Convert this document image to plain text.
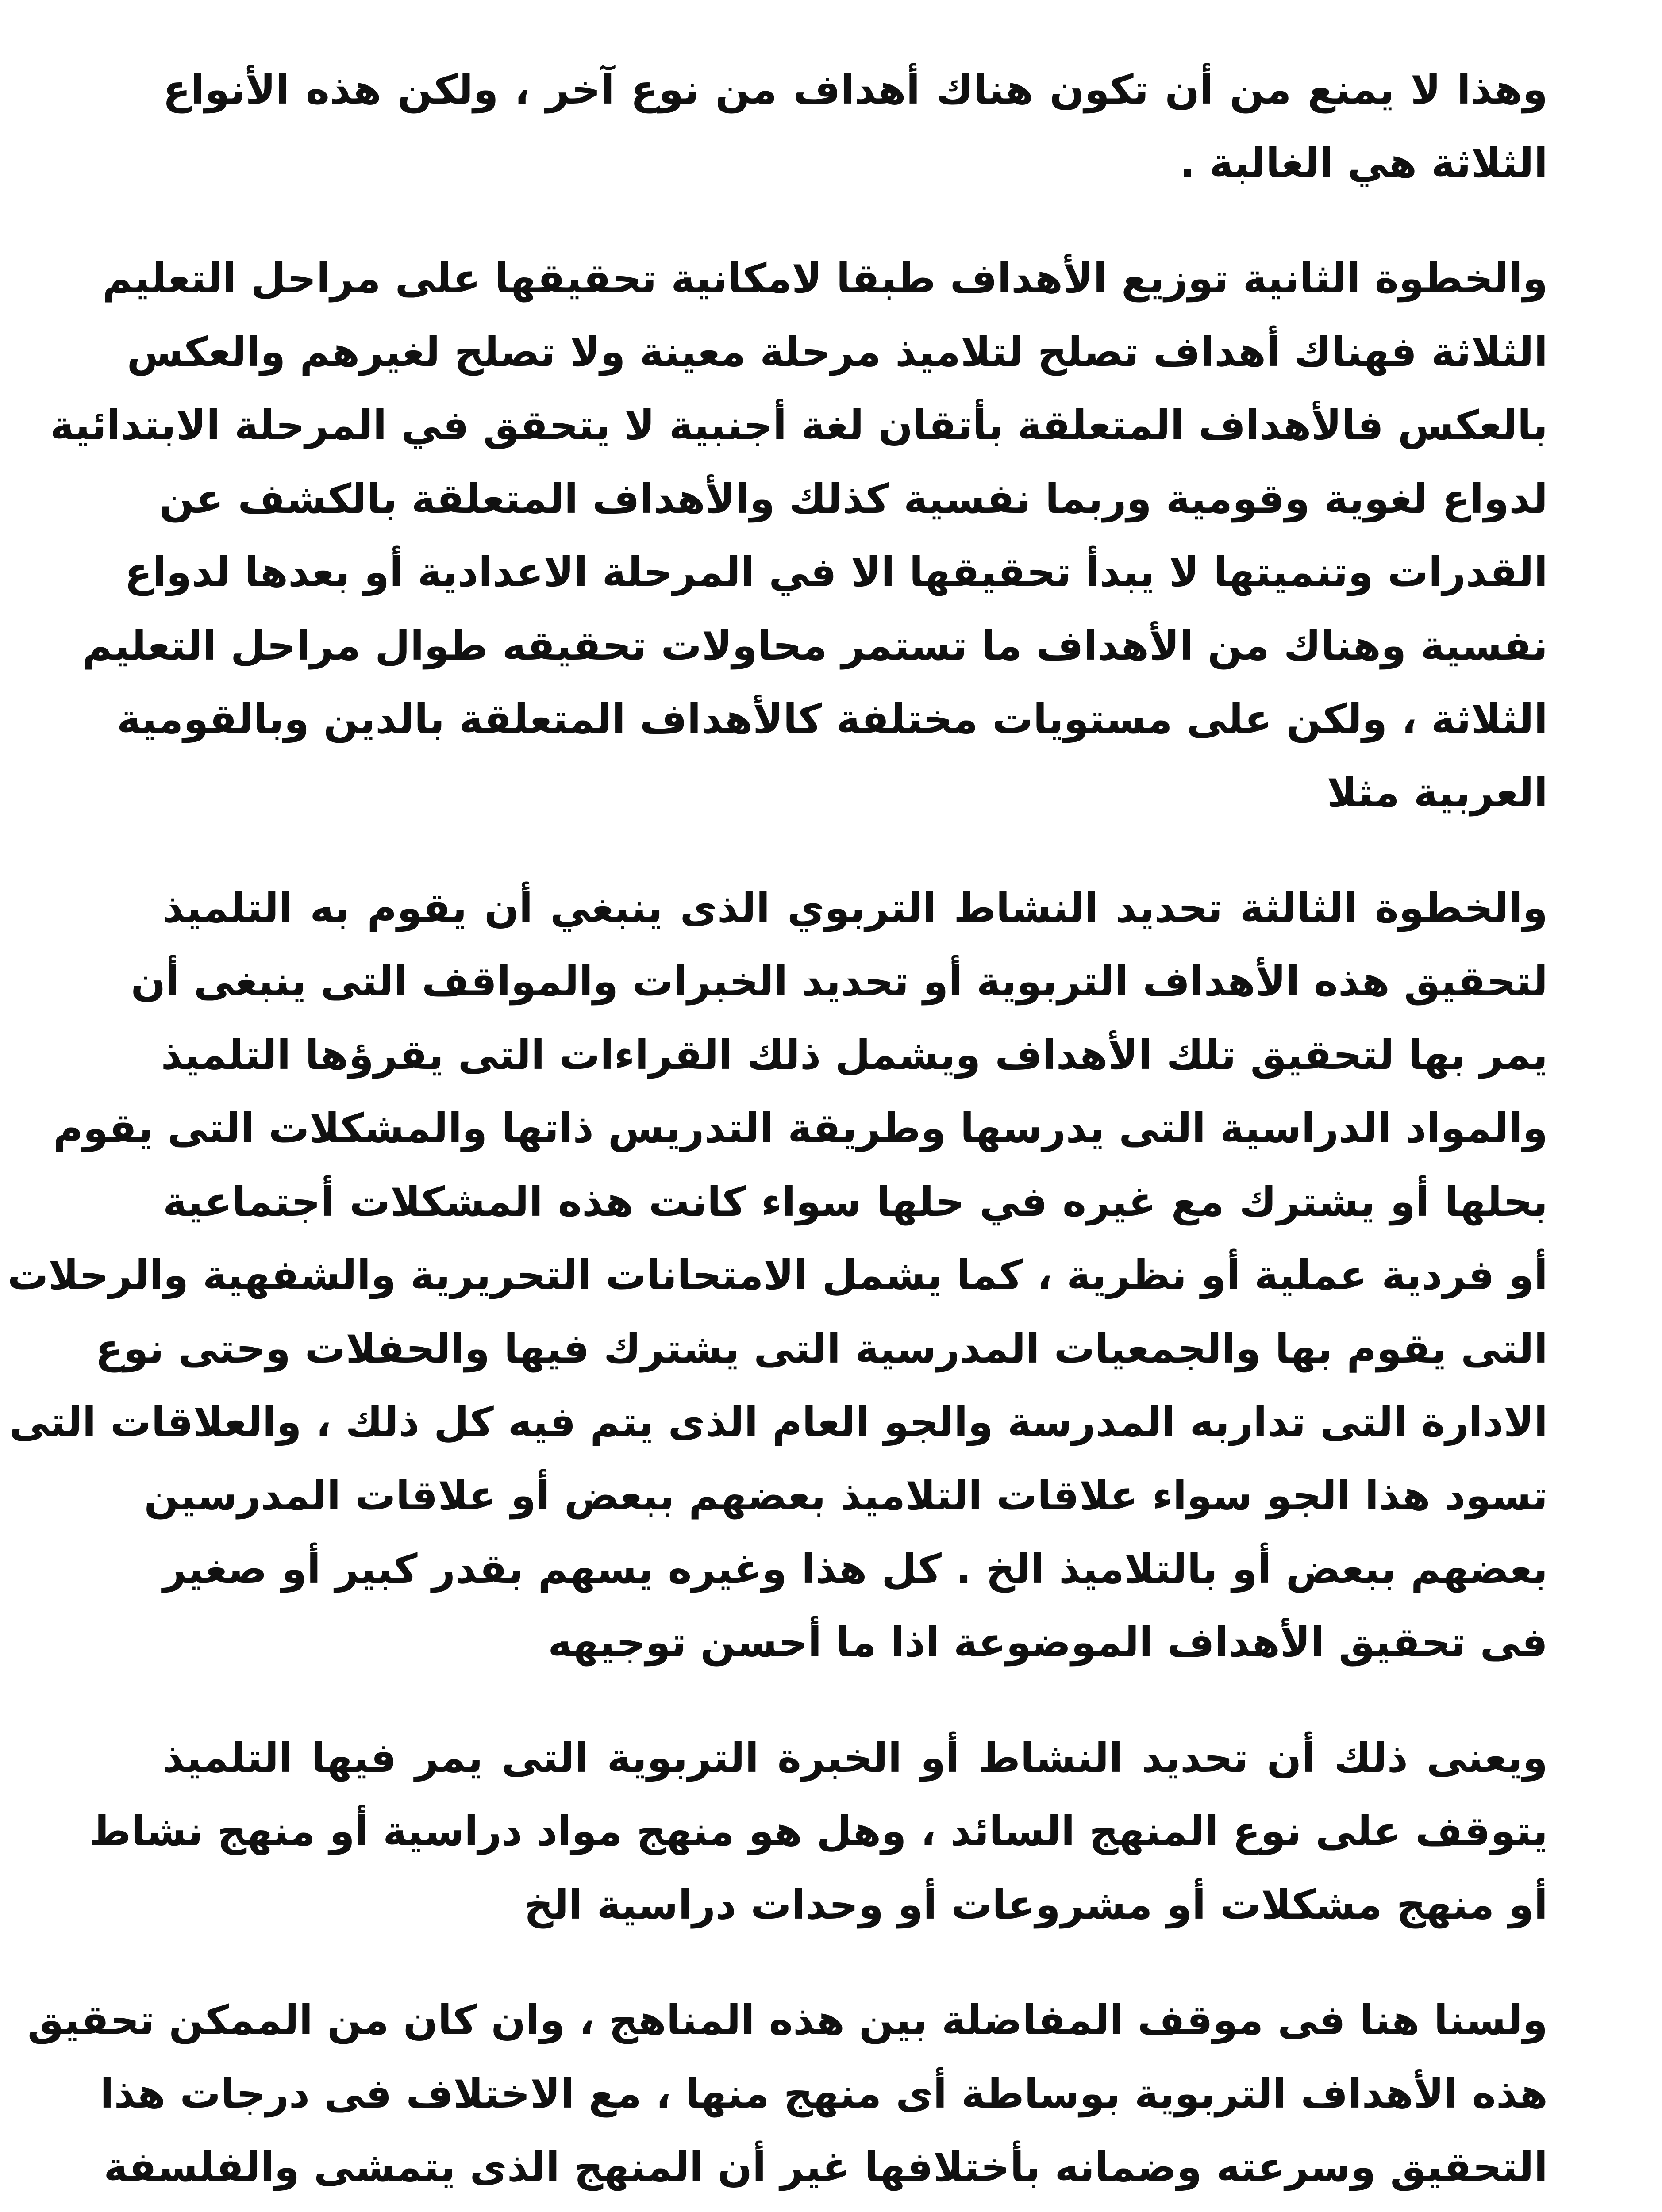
وهذا لا يمنع من أن تكون هناك أهداف من نوع آخر ، ولكن هذه الأنواع
الثلاثة هي الغالبة .
والخطوة الثانية توزيع الأهداف طبقا لامكانية تحقيقها على مراحل التعليم
الثلاثة فهناك أهداف تصلح لتلاميذ مرحلة معينة ولا تصلح لغيرهم والعكس
بالعكس فالأهداف المتعلقة بأتقان لغة أجنبية لا يتحقق في المرحلة الابتدائية
لدواع لغوية وقومية وربما نفسية كذلك والأهداف المتعلقة بالكشف عن
القدرات وتنميتها لا يبدأ تحقيقها الا في المرحلة الاعدادية أو بعدها لدواع
نفسية وهناك من الأهداف ما تستمر محاولات تحقيقه طوال مراحل التعليم
الثلاثة ، ولكن على مستويات مختلفة كالأهداف المتعلقة بالدين وبالقومية
العربية مثلا
والخطوة الثالثة تحديد النشاط التربوي الذى ينبغي أن يقوم به التلميذ
لتحقيق هذه الأهداف التربوية أو تحديد الخبرات والمواقف التى ينبغى أن
يمر بها لتحقيق تلك الأهداف ويشمل ذلك القراءات التى يقرؤها التلميذ
والمواد الدراسية التى يدرسها وطريقة التدريس ذاتها والمشكلات التى يقوم
بحلها أو يشترك مع غيره في حلها سواء كانت هذه المشكلات أجتماعية
أو فردية عملية أو نظرية ، كما يشمل الامتحانات التحريرية والشفهية والرحلات
التى يقوم بها والجمعيات المدرسية التى يشترك فيها والحفلات وحتى نوع
الادارة التى تداربه المدرسة والجو العام الذى يتم فيه كل ذلك ، والعلاقات التى
تسود هذا الجو سواء علاقات التلاميذ بعضهم ببعض أو علاقات المدرسين
بعضهم ببعض أو بالتلاميذ الخ . كل هذا وغيره يسهم بقدر كبير أو صغير
فى تحقيق الأهداف الموضوعة اذا ما أحسن توجيهه
ويعنى ذلك أن تحديد النشاط أو الخبرة التربوية التى يمر فيها التلميذ
يتوقف على نوع المنهج السائد ، وهل هو منهج مواد دراسية أو منهج نشاط
أو منهج مشكلات أو مشروعات أو وحدات دراسية الخ
ولسنا هنا فى موقف المفاضلة بين هذه المناهج ، وان كان من الممكن تحقيق
هذه الأهداف التربوية بوساطة أى منهج منها ، مع الاختلاف فى درجات هذا
التحقيق وسرعته وضمانه بأختلافها غير أن المنهج الذى يتمشى والفلسفة
